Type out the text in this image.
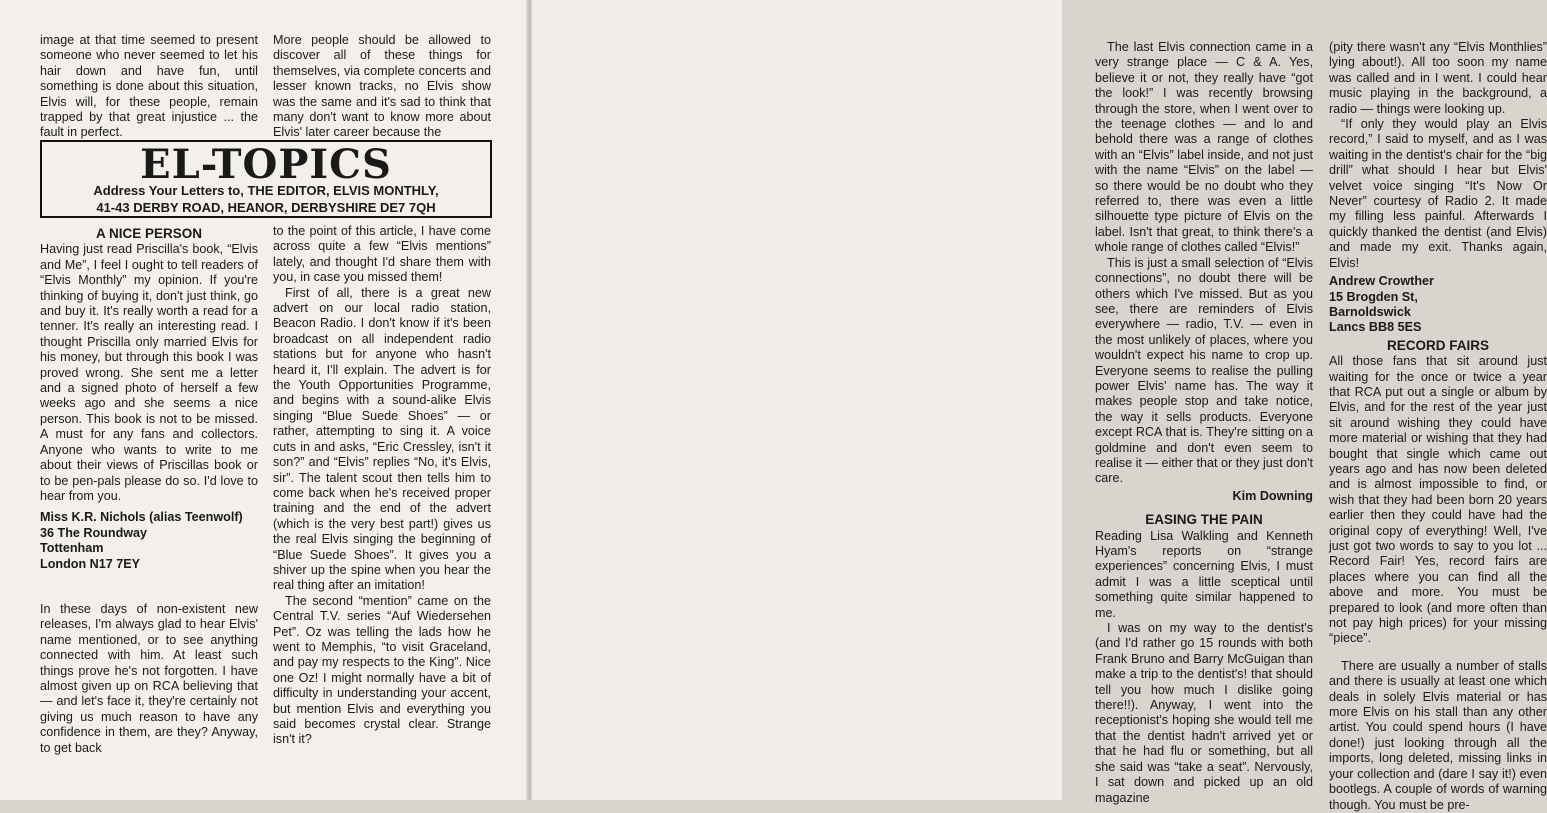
image at that time seemed to present someone who never seemed to let his hair down and have fun, until something is done about this situation, Elvis will, for these people, remain trapped by that great injustice ... the fault in perfect.

More people should be allowed to discover all of these things for themselves, via complete concerts and lesser known tracks, no Elvis show was the same and it's sad to think that many don't want to know more about Elvis' later career because the

EL-TOPICS
Address Your Letters to, THE EDITOR, ELVIS MONTHLY,
41-43 DERBY ROAD, HEANOR, DERBYSHIRE DE7 7QH
A NICE PERSON

Having just read Priscilla's book, “Elvis and Me”, I feel I ought to tell readers of “Elvis Monthly” my opinion. If you're thinking of buying it, don't just think, go and buy it. It's really worth a read for a tenner. It's really an interesting read. I thought Priscilla only married Elvis for his money, but through this book I was proved wrong. She sent me a letter and a signed photo of herself a few weeks ago and she seems a nice person. This book is not to be missed. A must for any fans and collectors. Anyone who wants to write to me about their views of Priscillas book or to be pen-pals please do so. I'd love to hear from you.

Miss K.R. Nichols (alias Teenwolf)
36 The Roundway
Tottenham
London N17 7EY

In these days of non-existent new releases, I'm always glad to hear Elvis' name mentioned, or to see anything connected with him. At least such things prove he's not forgotten. I have almost given up on RCA believing that — and let's face it, they're certainly not giving us much reason to have any confidence in them, are they? Anyway, to get back

to the point of this article, I have come across quite a few “Elvis mentions” lately, and thought I'd share them with you, in case you missed them!

First of all, there is a great new advert on our local radio station, Beacon Radio. I don't know if it's been broadcast on all independent radio stations but for anyone who hasn't heard it, I'll explain. The advert is for the Youth Opportunities Programme, and begins with a sound-alike Elvis singing “Blue Suede Shoes” — or rather, attempting to sing it. A voice cuts in and asks, “Eric Cressley, isn't it son?” and “Elvis” replies “No, it's Elvis, sir”. The talent scout then tells him to come back when he's received proper training and the end of the advert (which is the very best part!) gives us the real Elvis singing the beginning of “Blue Suede Shoes”. It gives you a shiver up the spine when you hear the real thing after an imitation!

The second “mention” came on the Central T.V. series “Auf Wiedersehen Pet”. Oz was telling the lads how he went to Memphis, “to visit Graceland, and pay my respects to the King”. Nice one Oz! I might normally have a bit of difficulty in understanding your accent, but mention Elvis and everything you said becomes crystal clear. Strange isn't it?

The last Elvis connection came in a very strange place — C & A. Yes, believe it or not, they really have “got the look!” I was recently browsing through the store, when I went over to the teenage clothes — and lo and behold there was a range of clothes with an “Elvis” label inside, and not just with the name “Elvis” on the label — so there would be no doubt who they referred to, there was even a little silhouette type picture of Elvis on the label. Isn't that great, to think there's a whole range of clothes called “Elvis!”

This is just a small selection of “Elvis connections”, no doubt there will be others which I've missed. But as you see, there are reminders of Elvis everywhere — radio, T.V. — even in the most unlikely of places, where you wouldn't expect his name to crop up. Everyone seems to realise the pulling power Elvis' name has. The way it makes people stop and take notice, the way it sells products. Everyone except RCA that is. They're sitting on a goldmine and don't even seem to realise it — either that or they just don't care.

Kim Downing
EASING THE PAIN

Reading Lisa Walkling and Kenneth Hyam's reports on “strange experiences” concerning Elvis, I must admit I was a little sceptical until something quite similar happened to me.

I was on my way to the dentist's (and I'd rather go 15 rounds with both Frank Bruno and Barry McGuigan than make a trip to the dentist's! that should tell you how much I dislike going there!!). Anyway, I went into the receptionist's hoping she would tell me that the dentist hadn't arrived yet or that he had flu or something, but all she said was “take a seat”. Nervously, I sat down and picked up an old magazine

(pity there wasn't any “Elvis Monthlies” lying about!). All too soon my name was called and in I went. I could hear music playing in the background, a radio — things were looking up.

“If only they would play an Elvis record,” I said to myself, and as I was waiting in the dentist's chair for the “big drill” what should I hear but Elvis' velvet voice singing “It's Now Or Never” courtesy of Radio 2. It made my filling less painful. Afterwards I quickly thanked the dentist (and Elvis) and made my exit. Thanks again, Elvis!

Andrew Crowther
15 Brogden St,
Barnoldswick
Lancs BB8 5ES
RECORD FAIRS

All those fans that sit around just waiting for the once or twice a year that RCA put out a single or album by Elvis, and for the rest of the year just sit around wishing they could have more material or wishing that they had bought that single which came out years ago and has now been deleted and is almost impossible to find, or wish that they had been born 20 years earlier then they could have had the original copy of everything! Well, I've just got two words to say to you lot ... Record Fair! Yes, record fairs are places where you can find all the above and more. You must be prepared to look (and more often than not pay high prices) for your missing “piece”.

There are usually a number of stalls and there is usually at least one which deals in solely Elvis material or has more Elvis on his stall than any other artist. You could spend hours (I have done!) just looking through all the imports, long deleted, missing links in your collection and (dare I say it!) even bootlegs. A couple of words of warning though. You must be pre-
